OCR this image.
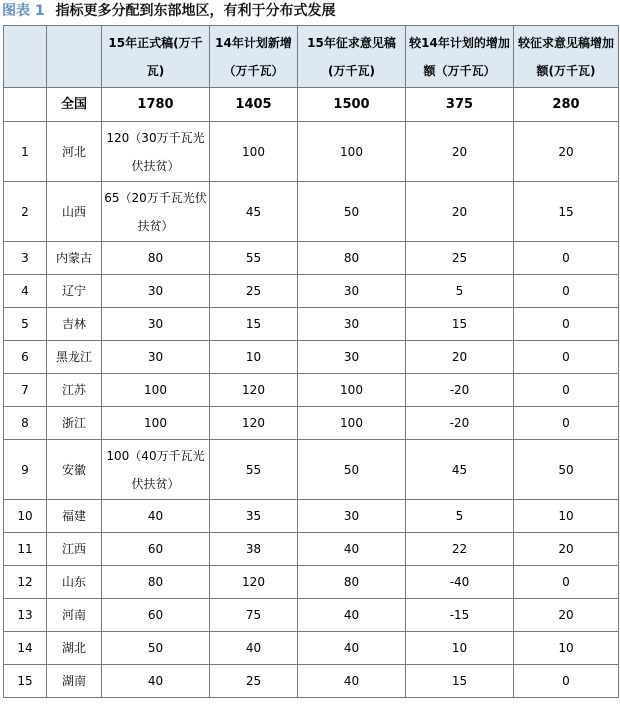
图表 1 指标更多分配到东部地区，有利于分布式发展
		15年正式稿(万千瓦)	14年计划新增（万千瓦）	15年征求意见稿(万千瓦)	较14年计划的增加额（万千瓦）	较征求意见稿增加额(万千瓦)
	全国	1780	1405	1500	375	280
1	河北	120（30万千瓦光伏扶贫）	100	100	20	20
2	山西	65（20万千瓦光伏扶贫）	45	50	20	15
3	内蒙古	80	55	80	25	0
4	辽宁	30	25	30	5	0
5	吉林	30	15	30	15	0
6	黑龙江	30	10	30	20	0
7	江苏	100	120	100	-20	0
8	浙江	100	120	100	-20	0
9	安徽	100（40万千瓦光伏扶贫）	55	50	45	50
10	福建	40	35	30	5	10
11	江西	60	38	40	22	20
12	山东	80	120	80	-40	0
13	河南	60	75	40	-15	20
14	湖北	50	40	40	10	10
15	湖南	40	25	40	15	0
